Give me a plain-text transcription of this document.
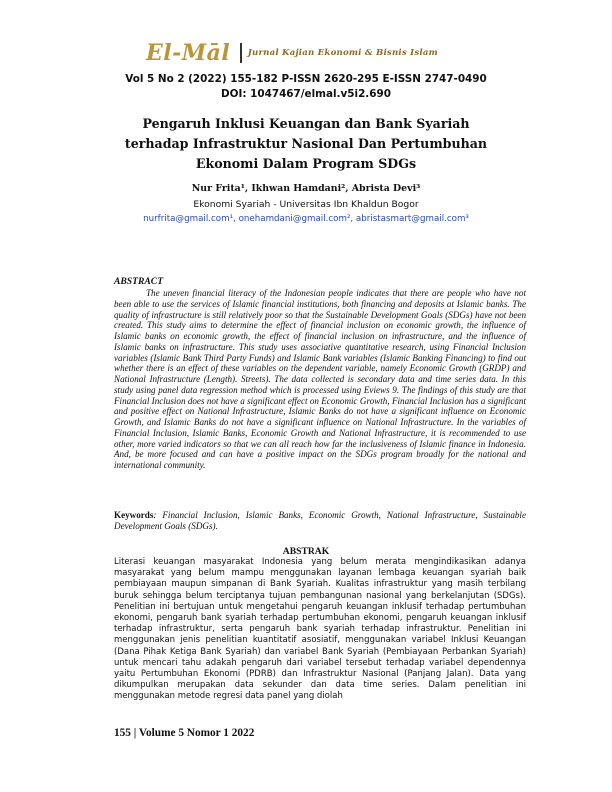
El-Māl Jurnal Kajian Ekonomi & Bisnis Islam
Vol 5 No 2 (2022) 155-182 P-ISSN 2620-295 E-ISSN 2747-0490
DOI: 1047467/elmal.v5i2.690
Pengaruh Inklusi Keuangan dan Bank Syariah terhadap Infrastruktur Nasional Dan Pertumbuhan Ekonomi Dalam Program SDGs
Nur Frita¹, Ikhwan Hamdani², Abrista Devi³
Ekonomi Syariah - Universitas Ibn Khaldun Bogor
nurfrita@gmail.com¹, onehamdani@gmail.com², abristasmart@gmail.com³
ABSTRACT
The uneven financial literacy of the Indonesian people indicates that there are people who have not been able to use the services of Islamic financial institutions, both financing and deposits at Islamic banks. The quality of infrastructure is still relatively poor so that the Sustainable Development Goals (SDGs) have not been created. This study aims to determine the effect of financial inclusion on economic growth, the influence of Islamic banks on economic growth, the effect of financial inclusion on infrastructure, and the influence of Islamic banks on infrastructure. This study uses associative quantitative research, using Financial Inclusion variables (Islamic Bank Third Party Funds) and Islamic Bank variables (Islamic Banking Financing) to find out whether there is an effect of these variables on the dependent variable, namely Economic Growth (GRDP) and National Infrastructure (Length). Streets). The data collected is secondary data and time series data. In this study using panel data regression method which is processed using Eviews 9. The findings of this study are that Financial Inclusion does not have a significant effect on Economic Growth, Financial Inclusion has a significant and positive effect on National Infrastructure, Islamic Banks do not have a significant influence on Economic Growth, and Islamic Banks do not have a significant influence on National Infrastructure. In the variables of Financial Inclusion, Islamic Banks, Economic Growth and National Infrastructure, it is recommended to use other, more varied indicators so that we can all reach how far the inclusiveness of Islamic finance in Indonesia. And, be more focused and can have a positive impact on the SDGs program broadly for the national and international community.
Keywords: Financial Inclusion, Islamic Banks, Economic Growth, National Infrastructure, Sustainable Development Goals (SDGs).
ABSTRAK
Literasi keuangan masyarakat Indonesia yang belum merata mengindikasikan adanya masyarakat yang belum mampu menggunakan layanan lembaga keuangan syariah baik pembiayaan maupun simpanan di Bank Syariah. Kualitas infrastruktur yang masih terbilang buruk sehingga belum terciptanya tujuan pembangunan nasional yang berkelanjutan (SDGs). Penelitian ini bertujuan untuk mengetahui pengaruh keuangan inklusif terhadap pertumbuhan ekonomi, pengaruh bank syariah terhadap pertumbuhan ekonomi, pengaruh keuangan inklusif terhadap infrastruktur, serta pengaruh bank syariah terhadap infrastruktur. Penelitian ini menggunakan jenis penelitian kuantitatif asosiatif, menggunakan variabel Inklusi Keuangan (Dana Pihak Ketiga Bank Syariah) dan variabel Bank Syariah (Pembiayaan Perbankan Syariah) untuk mencari tahu adakah pengaruh dari variabel tersebut terhadap variabel dependennya yaitu Pertumbuhan Ekonomi (PDRB) dan Infrastruktur Nasional (Panjang Jalan). Data yang dikumpulkan merupakan data sekunder dan data time series. Dalam penelitian ini menggunakan metode regresi data panel yang diolah
155 | Volume 5 Nomor 1 2022
